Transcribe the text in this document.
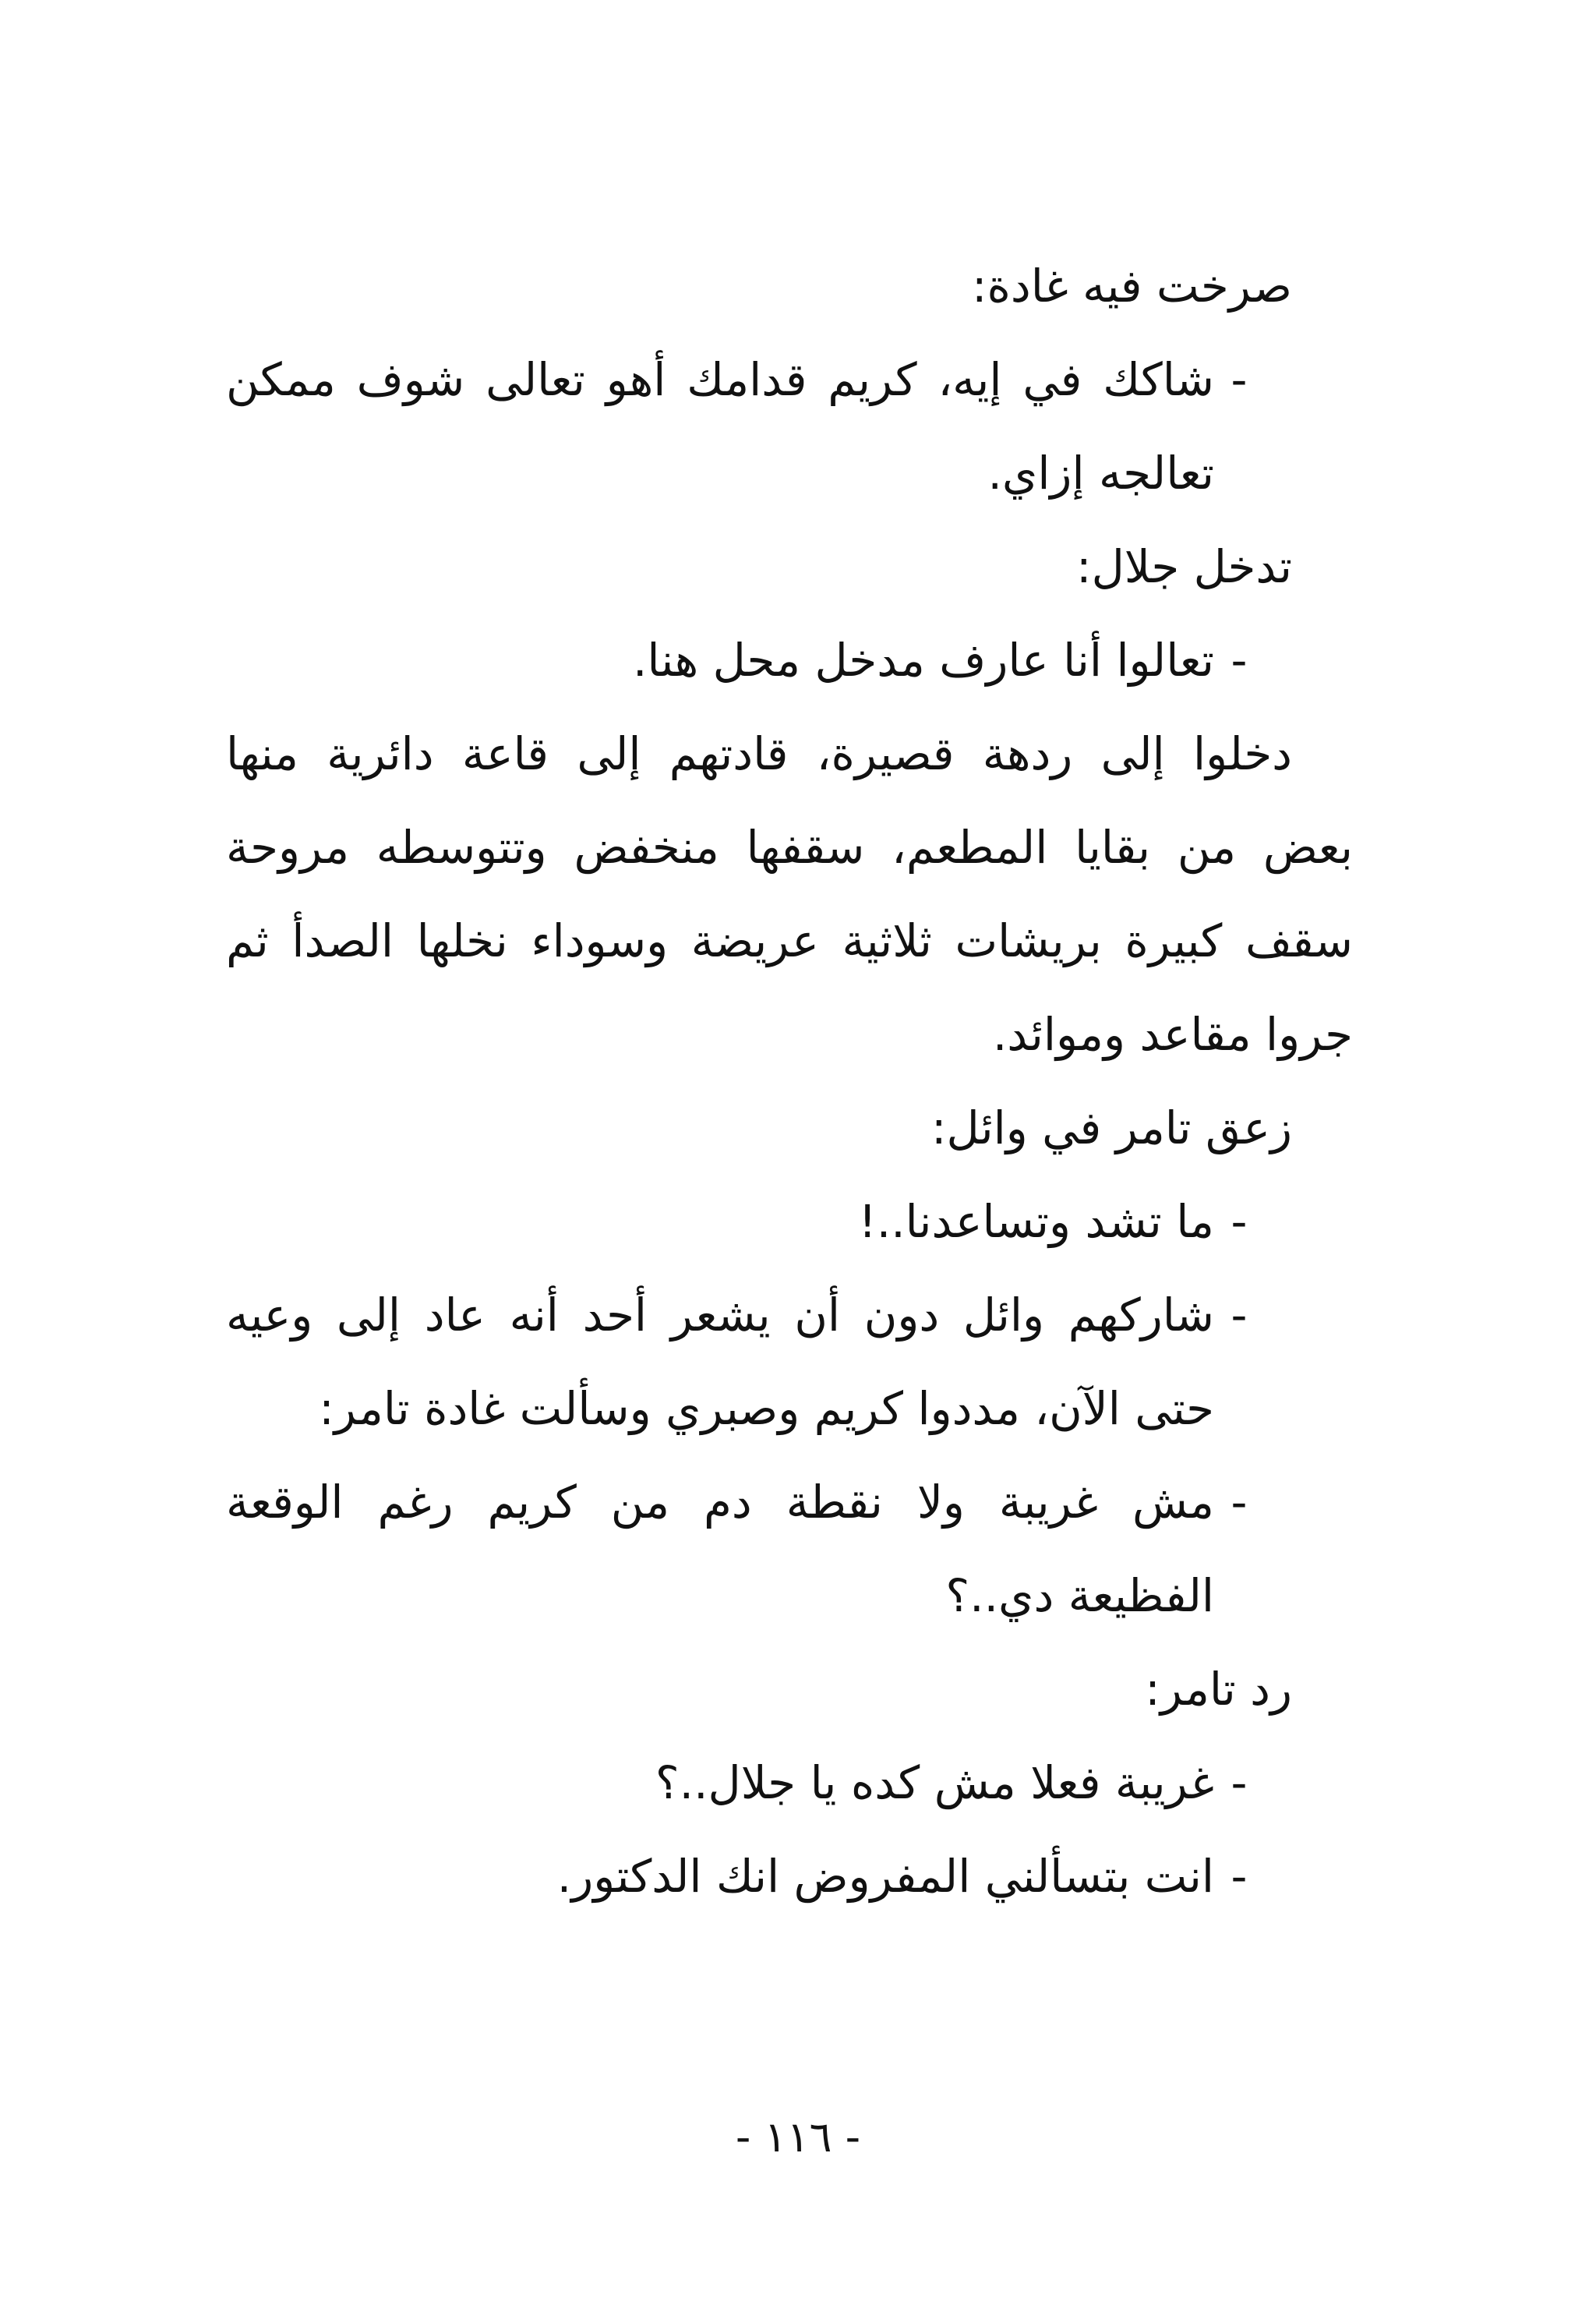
صرخت فيه غادة:
-
شاكك في إيه، كريم قدامك أهو تعالى شوف ممكن
تعالجه إزاي.
تدخل جلال:
-
تعالوا أنا عارف مدخل محل هنا.
دخلوا إلى ردهة قصيرة، قادتهم إلى قاعة دائرية منها
بعض من بقايا المطعم، سقفها منخفض وتتوسطه مروحة
سقف كبيرة بريشات ثلاثية عريضة وسوداء نخلها الصدأ ثم
جروا مقاعد وموائد.
زعق تامر في وائل:
-
ما تشد وتساعدنا..!
-
شاركهم وائل دون أن يشعر أحد أنه عاد إلى وعيه
حتى الآن، مددوا كريم وصبري وسألت غادة تامر:
-
مش غريبة ولا نقطة دم من كريم رغم الوقعة
الفظيعة دي..؟
رد تامر:
-
غريبة فعلا مش كده يا جلال..؟
-
انت بتسألني المفروض انك الدكتور.
- ١١٦ -
